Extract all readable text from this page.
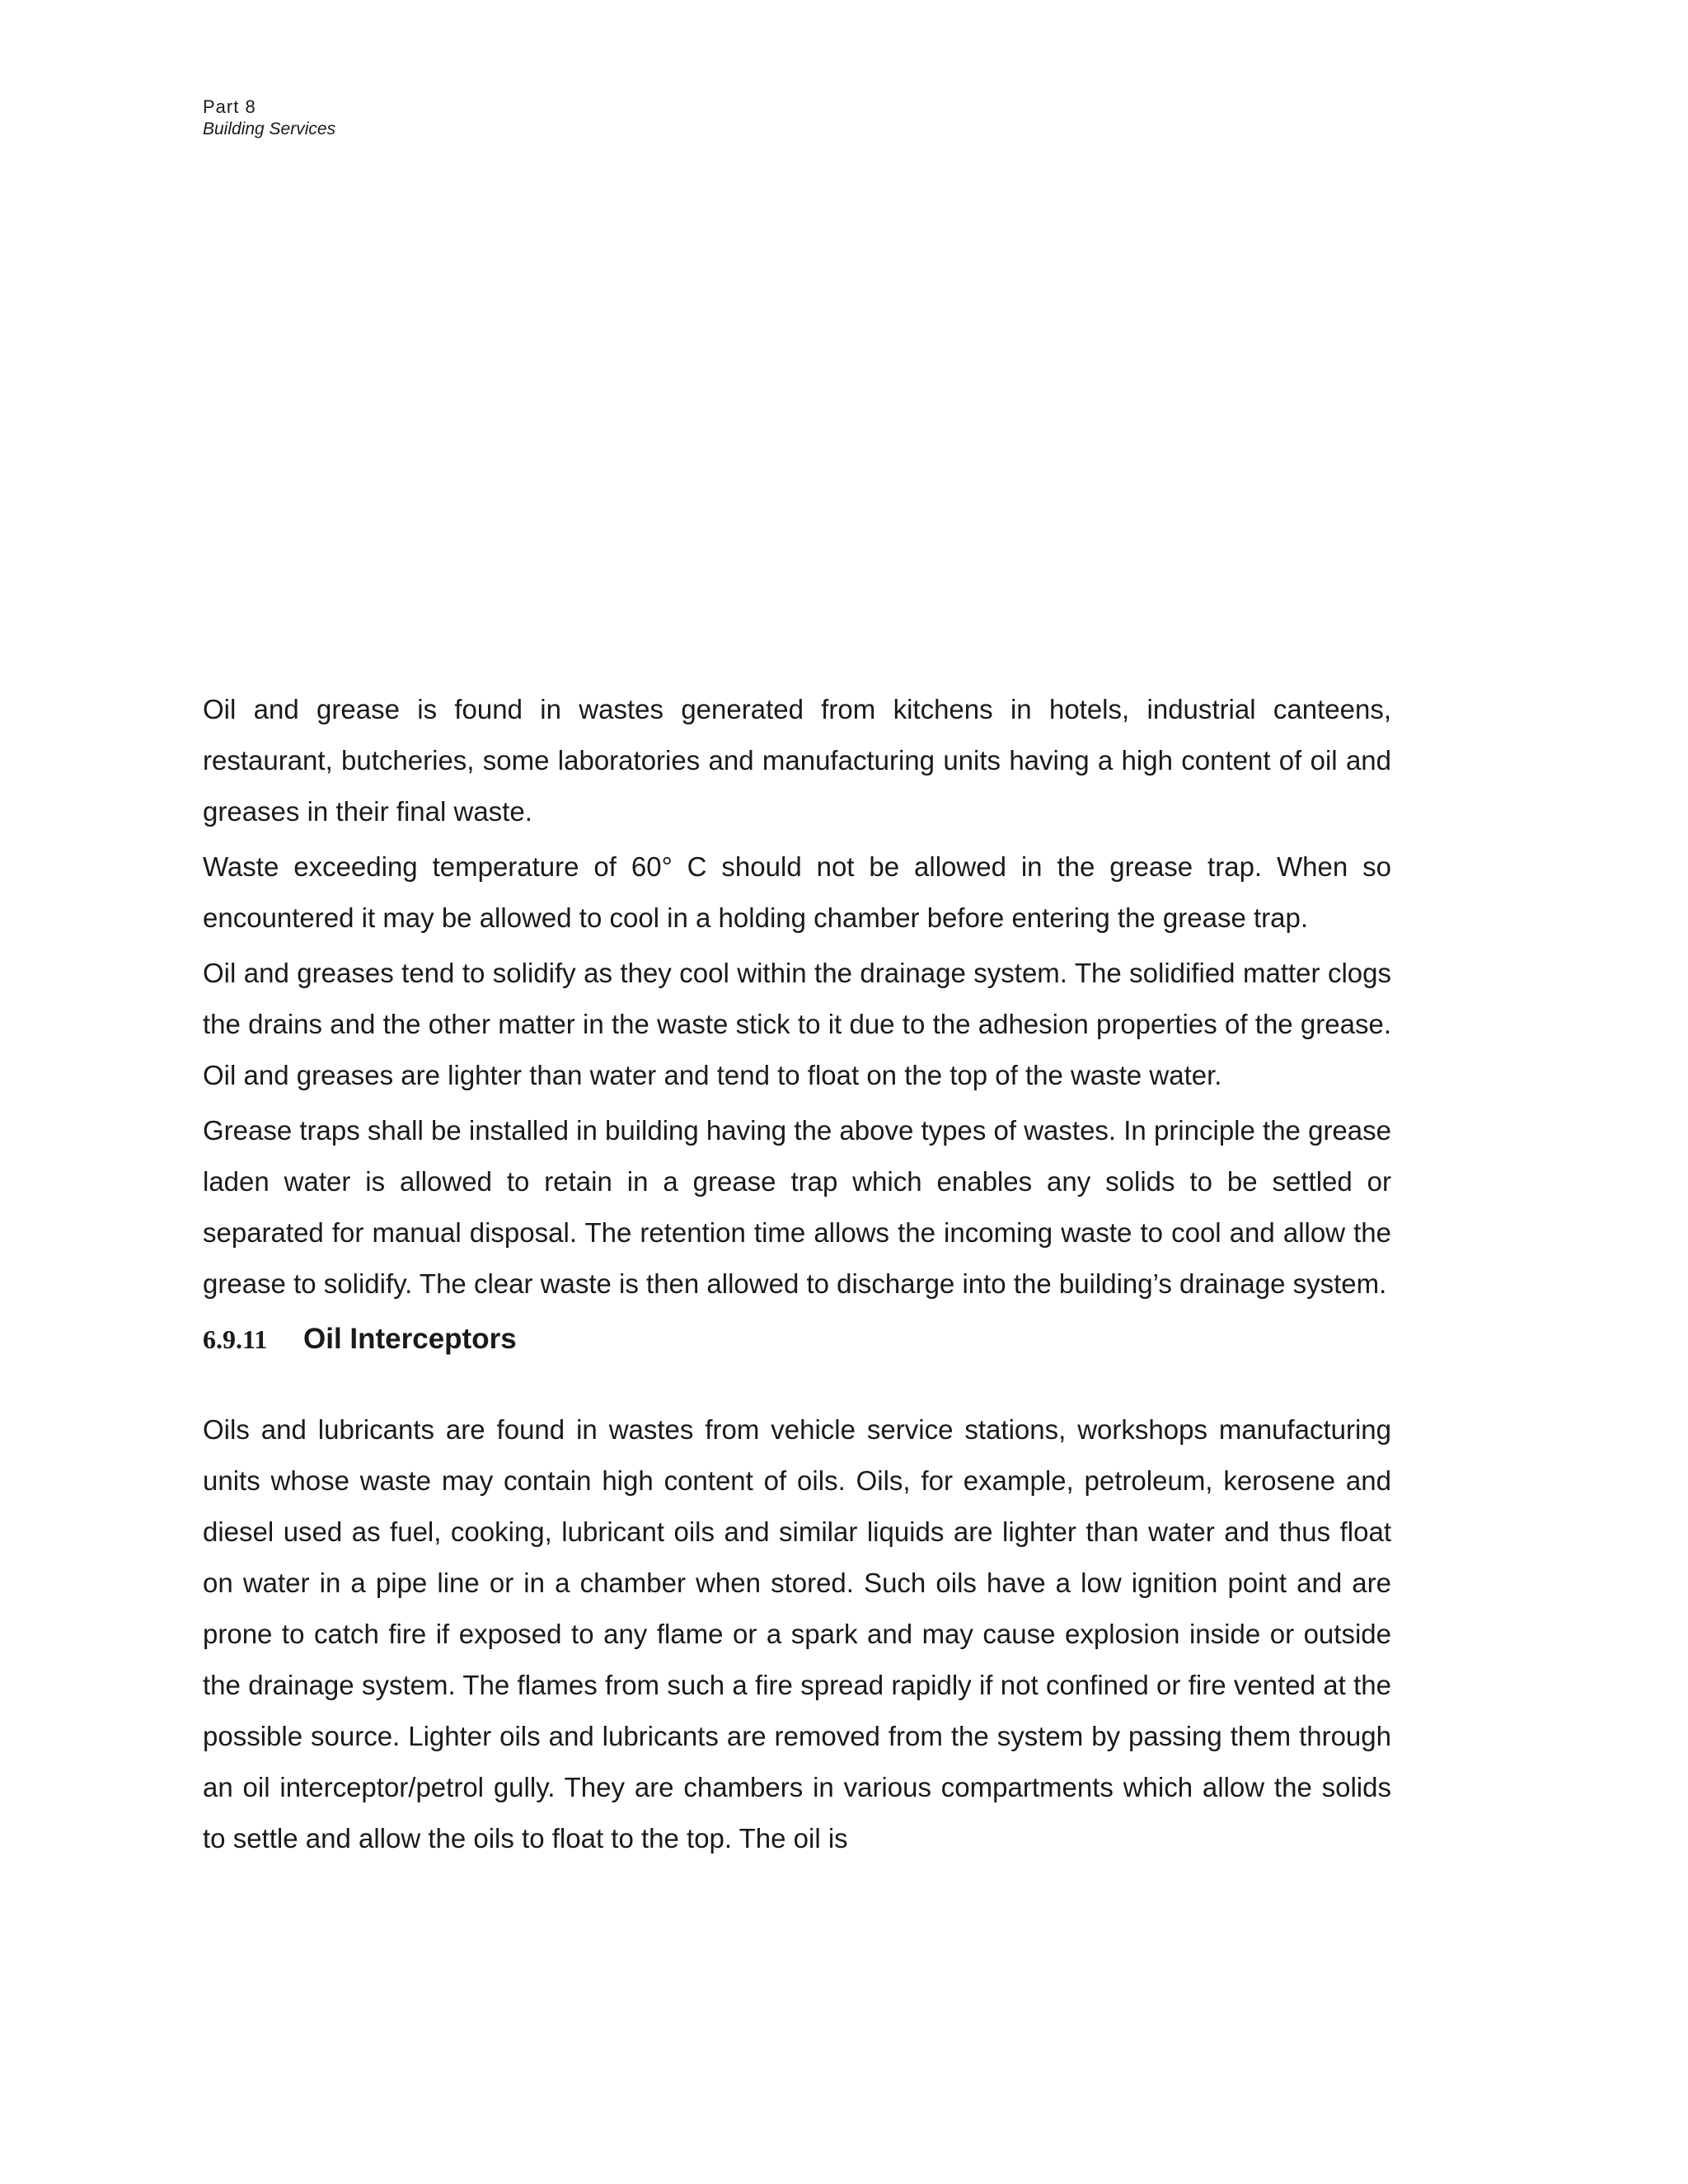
Part 8
Building Services

Oil and grease is found in wastes generated from kitchens in hotels, industrial canteens, restaurant, butcheries, some laboratories and manufacturing units having a high content of oil and greases in their final waste.

Waste exceeding temperature of 60° C should not be allowed in the grease trap. When so encountered it may be allowed to cool in a holding chamber before entering the grease trap.

Oil and greases tend to solidify as they cool within the drainage system. The solidified matter clogs the drains and the other matter in the waste stick to it due to the adhesion properties of the grease. Oil and greases are lighter than water and tend to float on the top of the waste water.

Grease traps shall be installed in building having the above types of wastes. In principle the grease laden water is allowed to retain in a grease trap which enables any solids to be settled or separated for manual disposal. The retention time allows the incoming waste to cool and allow the grease to solidify. The clear waste is then allowed to discharge into the building’s drainage system.

6.9.11 Oil Interceptors

Oils and lubricants are found in wastes from vehicle service stations, workshops manufacturing units whose waste may contain high content of oils. Oils, for example, petroleum, kerosene and diesel used as fuel, cooking, lubricant oils and similar liquids are lighter than water and thus float on water in a pipe line or in a chamber when stored. Such oils have a low ignition point and are prone to catch fire if exposed to any flame or a spark and may cause explosion inside or outside the drainage system. The flames from such a fire spread rapidly if not confined or fire vented at the possible source. Lighter oils and lubricants are removed from the system by passing them through an oil interceptor/petrol gully. They are chambers in various compartments which allow the solids to settle and allow the oils to float to the top. The oil is
